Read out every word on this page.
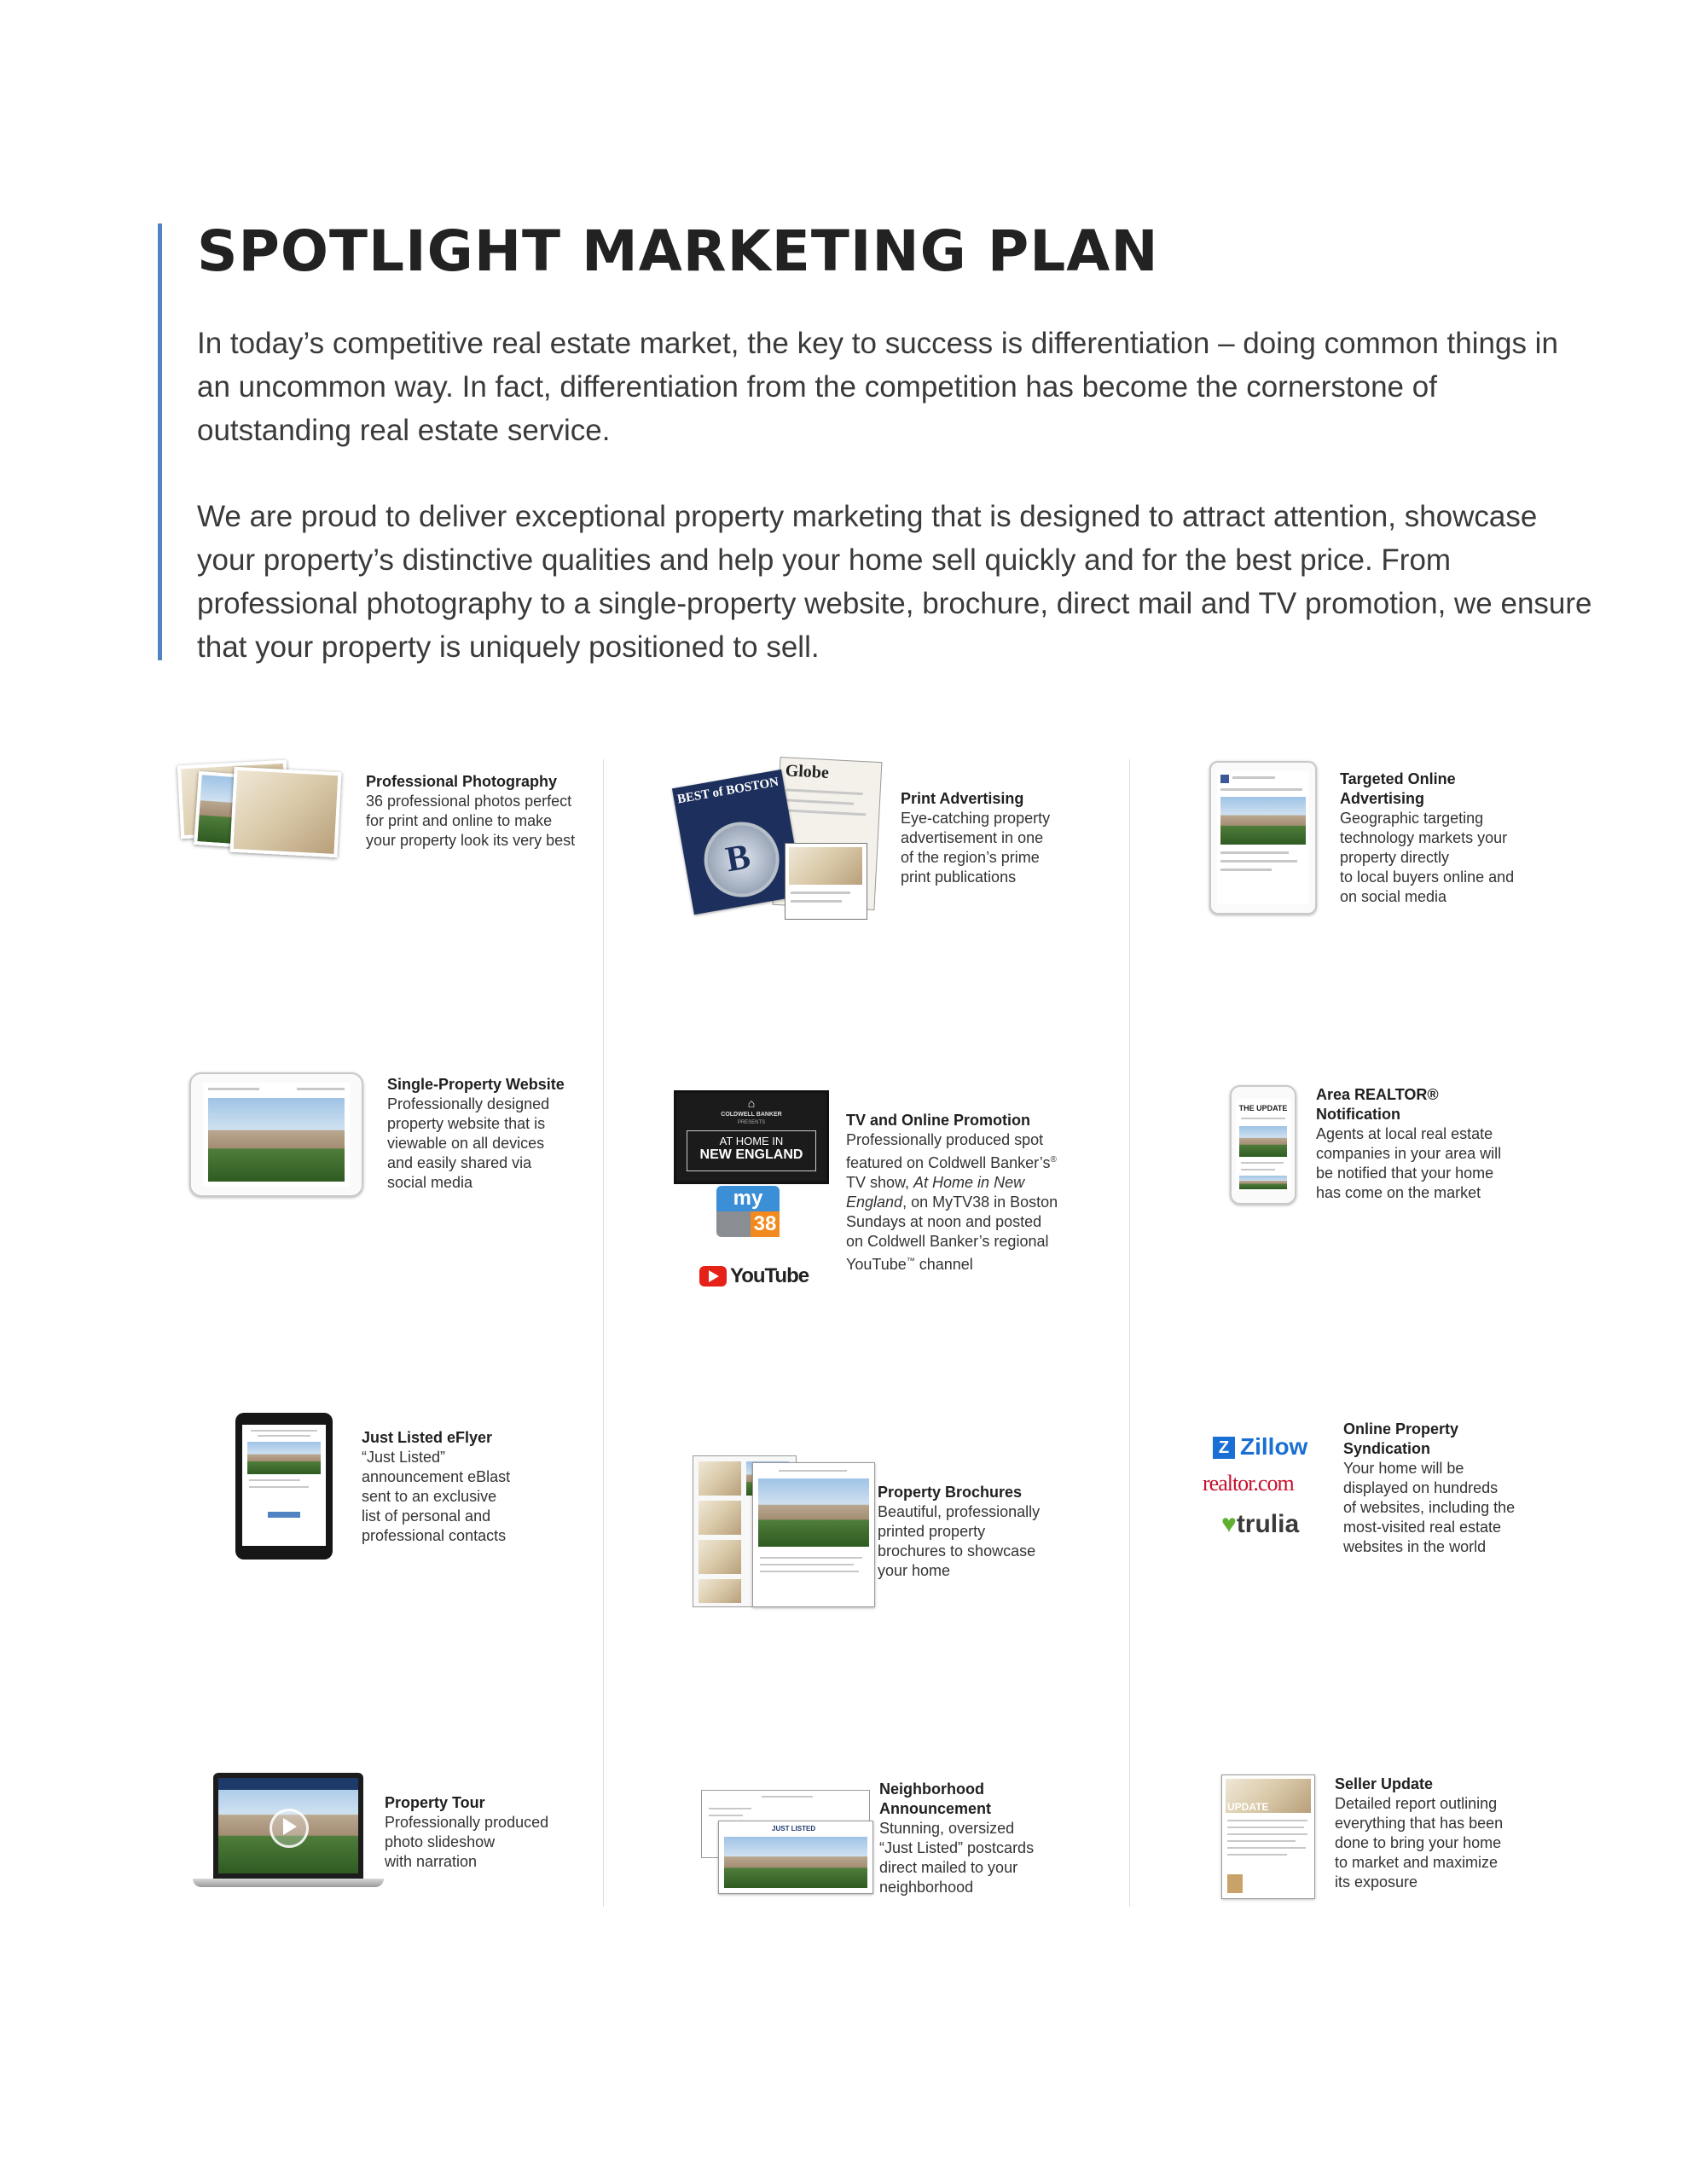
SPOTLIGHT MARKETING PLAN

In today’s competitive real estate market, the key to success is differentiation – doing common things in an uncommon way. In fact, differentiation from the competition has become the cornerstone of outstanding real estate service.

We are proud to deliver exceptional property marketing that is designed to attract attention, showcase your property’s distinctive qualities and help your home sell quickly and for the best price. From professional photography to a single-property website, brochure, direct mail and TV promotion, we ensure that your property is uniquely positioned to sell.

Professional Photography
36 professional photos perfect
for print and online to make
your property look its very best
Globe
BEST of BOSTON
B
Print Advertising
Eye-catching property
advertisement in one
of the region’s prime
print publications
Targeted Online
Advertising
Geographic targeting
technology markets your
property directly
to local buyers online and
on social media
Single-Property Website
Professionally designed
property website that is
viewable on all devices
and easily shared via
social media
⌂
COLDWELL BANKER
PRESENTS
AT HOME IN
NEW ENGLAND
my
38
YouTube
TV and Online Promotion
Professionally produced spot
featured on Coldwell Banker’s®
TV show, At Home in New
England, on MyTV38 in Boston
Sundays at noon and posted
on Coldwell Banker’s regional
YouTube™ channel
THE UPDATE
Area REALTOR®
Notification
Agents at local real estate
companies in your area will
be notified that your home
has come on the market
Just Listed eFlyer
“Just Listed”
announcement eBlast
sent to an exclusive
list of personal and
professional contacts
Property Brochures
Beautiful, professionally
printed property
brochures to showcase
your home
Z Zillow
realtor.com
♥trulia
Online Property
Syndication
Your home will be
displayed on hundreds
of websites, including the
most-visited real estate
websites in the world
Property Tour
Professionally produced
photo slideshow
with narration
JUST LISTED
Neighborhood
Announcement
Stunning, oversized
“Just Listed” postcards
direct mailed to your
neighborhood
UPDATE
Seller Update
Detailed report outlining
everything that has been
done to bring your home
to market and maximize
its exposure
